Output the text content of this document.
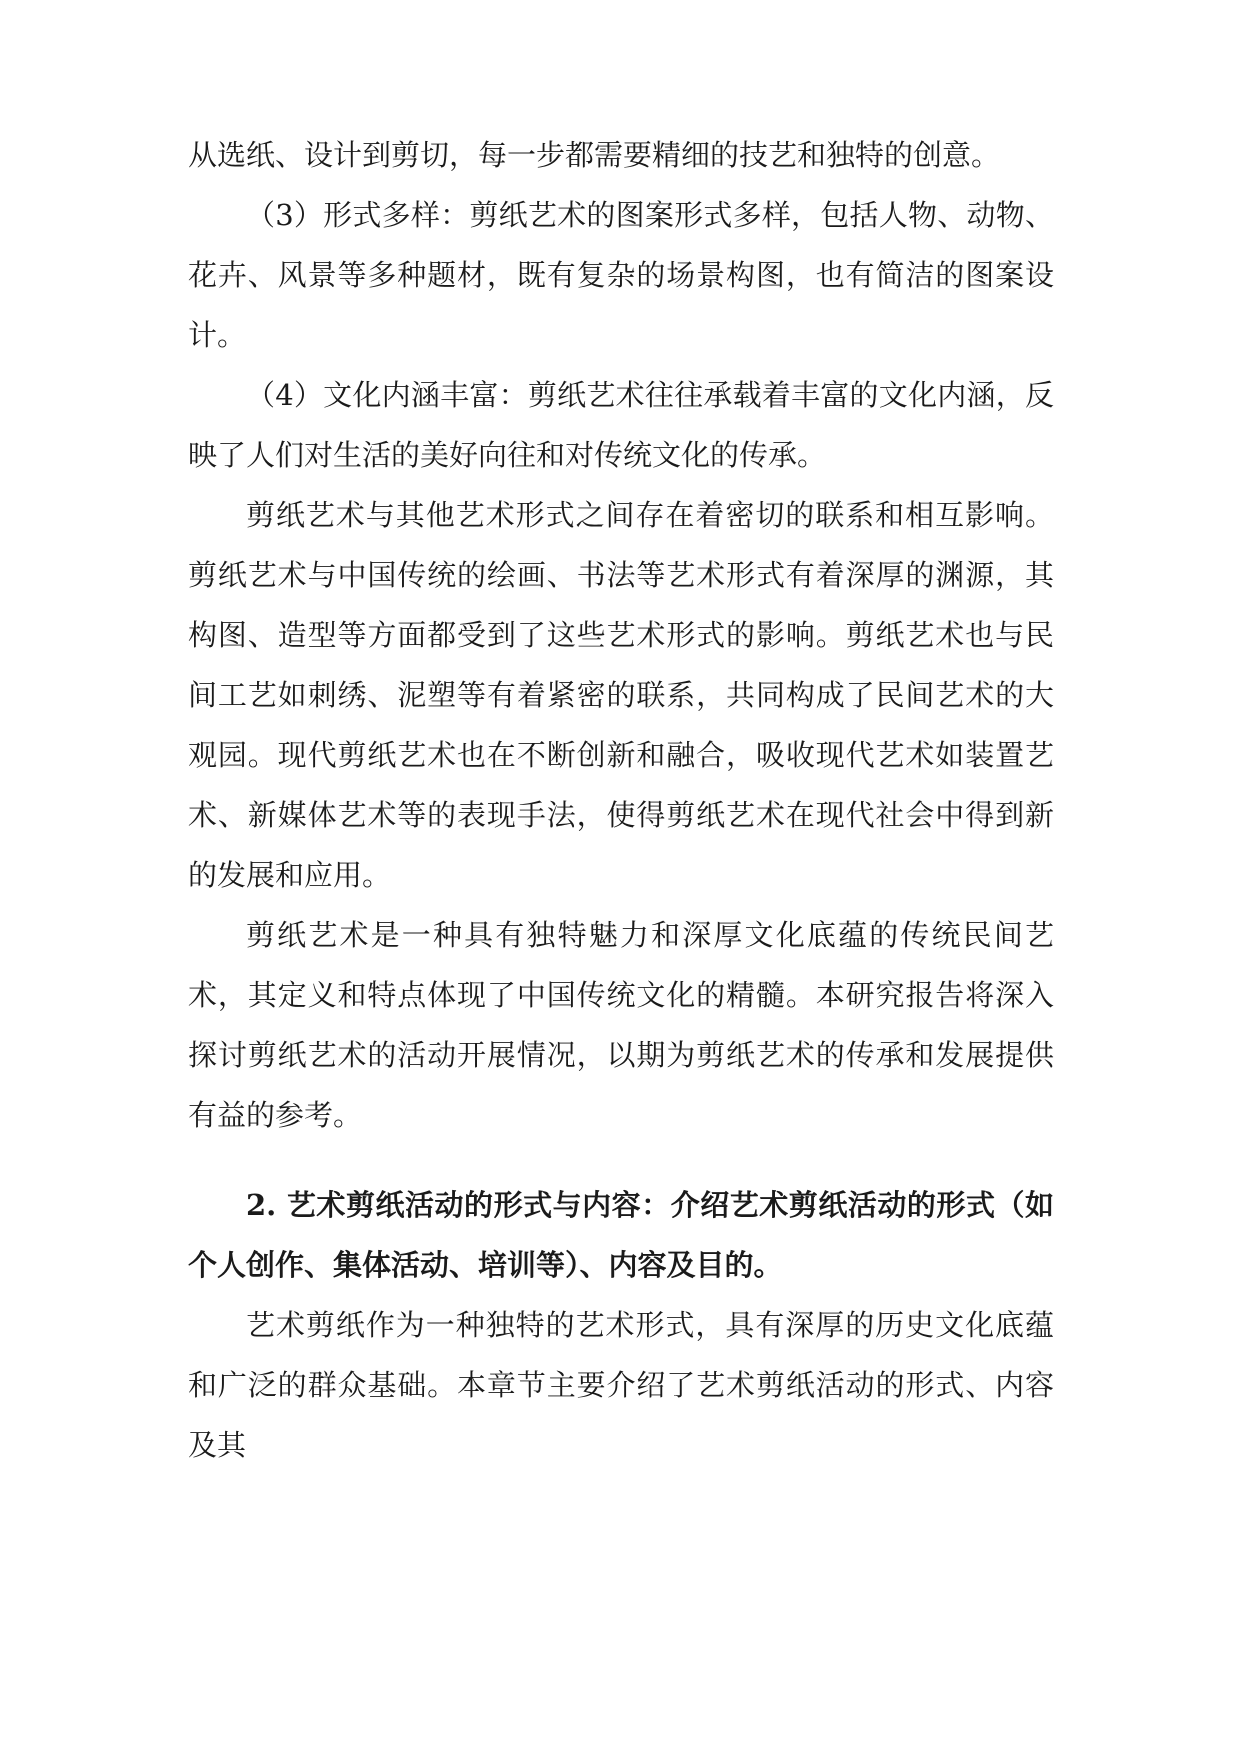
从选纸、设计到剪切，每一步都需要精细的技艺和独特的创意。

（3）形式多样：剪纸艺术的图案形式多样，包括人物、动物、花卉、风景等多种题材，既有复杂的场景构图，也有简洁的图案设计。

（4）文化内涵丰富：剪纸艺术往往承载着丰富的文化内涵，反映了人们对生活的美好向往和对传统文化的传承。

剪纸艺术与其他艺术形式之间存在着密切的联系和相互影响。剪纸艺术与中国传统的绘画、书法等艺术形式有着深厚的渊源，其构图、造型等方面都受到了这些艺术形式的影响。剪纸艺术也与民间工艺如刺绣、泥塑等有着紧密的联系，共同构成了民间艺术的大观园。现代剪纸艺术也在不断创新和融合，吸收现代艺术如装置艺术、新媒体艺术等的表现手法，使得剪纸艺术在现代社会中得到新的发展和应用。

剪纸艺术是一种具有独特魅力和深厚文化底蕴的传统民间艺术，其定义和特点体现了中国传统文化的精髓。本研究报告将深入探讨剪纸艺术的活动开展情况，以期为剪纸艺术的传承和发展提供有益的参考。

2. 艺术剪纸活动的形式与内容：介绍艺术剪纸活动的形式（如个人创作、集体活动、培训等）、内容及目的。

艺术剪纸作为一种独特的艺术形式，具有深厚的历史文化底蕴和广泛的群众基础。本章节主要介绍了艺术剪纸活动的形式、内容及其
